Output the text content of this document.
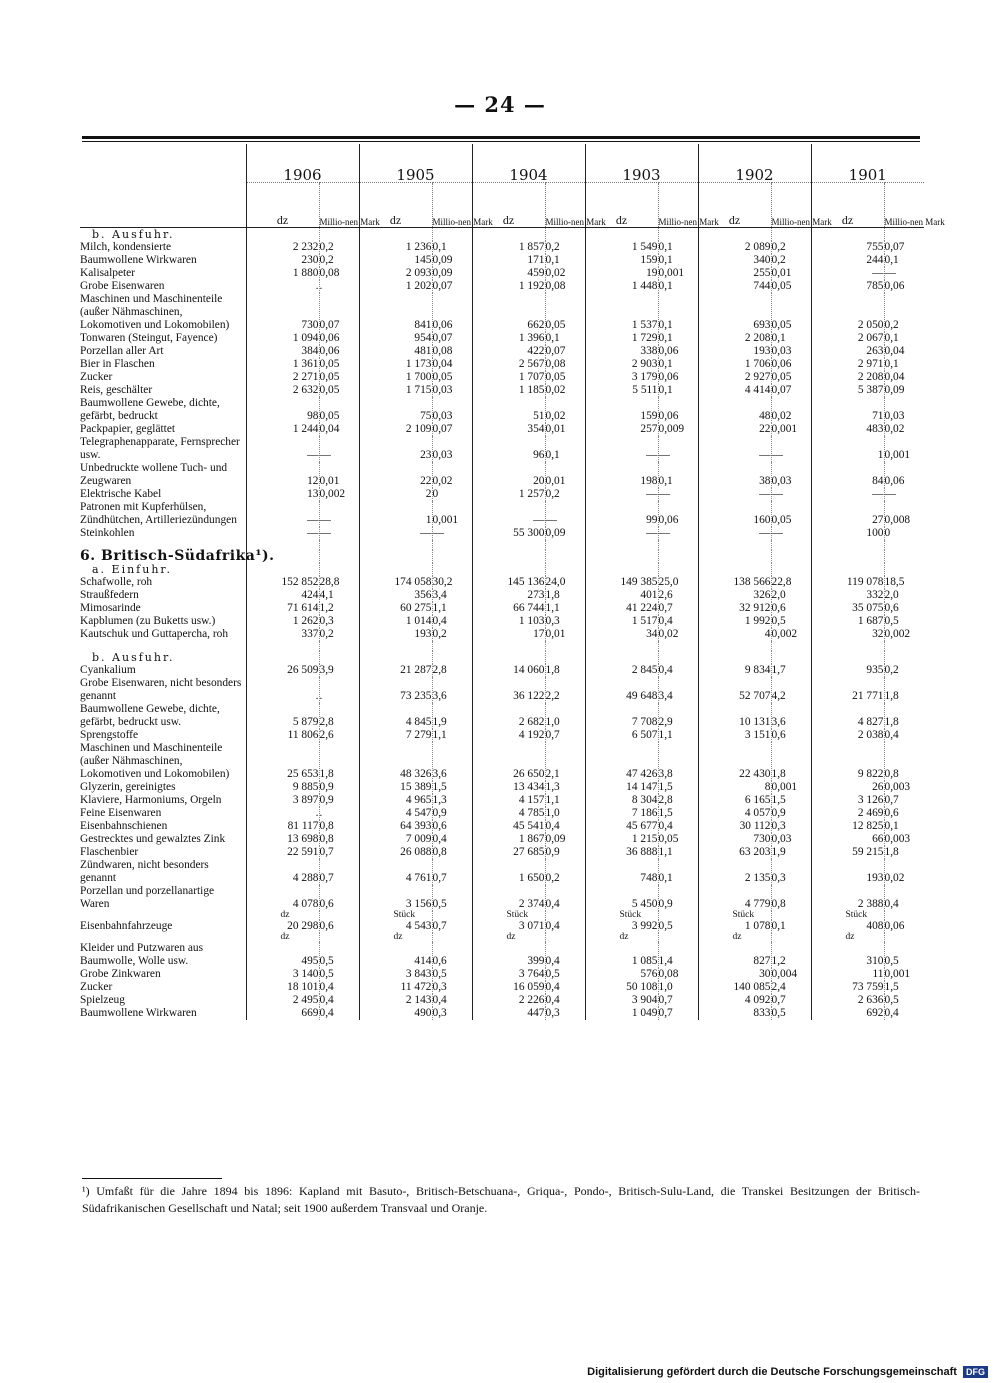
— 24 —
	1906		1905		1904		1903		1902		1901	
	dz	Millio-nen Mark	dz	Millio-nen Mark	dz	Millio-nen Mark	dz	Millio-nen Mark	dz	Millio-nen Mark	dz	Millio-nen Mark
b. Ausfuhr.												
Milch, kondensierte	2 232	0,2	1 236	0,1	1 857	0,2	1 549	0,1	2 089	0,2	755	0,07
Baumwollene Wirkwaren	230	0,2	145	0,09	171	0,1	159	0,1	340	0,2	244	0,1
Kalisalpeter	1 880	0,08	2 093	0,09	459	0,02	19	0,001	255	0,01	—	—
Grobe Eisenwaren	.	.	1 202	0,07	1 192	0,08	1 448	0,1	744	0,05	785	0,06
Maschinen und Maschinenteile (außer Nähmaschinen, Lokomotiven und Lokomobilen)	730	0,07	841	0,06	662	0,05	1 537	0,1	693	0,05	2 050	0,2
Tonwaren (Steingut, Fayence)	1 094	0,06	954	0,07	1 396	0,1	1 729	0,1	2 208	0,1	2 067	0,1
Porzellan aller Art	384	0,06	481	0,08	422	0,07	338	0,06	193	0,03	263	0,04
Bier in Flaschen	1 361	0,05	1 173	0,04	2 567	0,08	2 903	0,1	1 706	0,06	2 971	0,1
Zucker	2 271	0,05	1 700	0,05	1 707	0,05	3 179	0,06	2 927	0,05	2 208	0,04
Reis, geschälter	2 632	0,05	1 715	0,03	1 185	0,02	5 511	0,1	4 414	0,07	5 387	0,09
Baumwollene Gewebe, dichte, gefärbt, bedruckt	98	0,05	75	0,03	51	0,02	159	0,06	48	0,02	71	0,03
Packpapier, geglättet	1 244	0,04	2 109	0,07	354	0,01	257	0,009	22	0,001	483	0,02
Telegraphenapparate, Fernsprecher usw.	—	—	23	0,03	96	0,1	—	—	—	—	1	0,001
Unbedruckte wollene Tuch- und Zeugwaren	12	0,01	22	0,02	20	0,01	198	0,1	38	0,03	84	0,06
Elektrische Kabel	13	0,002	2	0	1 257	0,2	—	—	—	—	—	—
Patronen mit Kupferhülsen, Zündhütchen, Artilleriezündungen	—	—	1	0,001	—	—	99	0,06	160	0,05	27	0,008
Steinkohlen	—	—	—	—	55 300	0,09	—	—	—	—	100	0

6. Britisch-Südafrika¹).												
a. Einfuhr.												
Schafwolle, roh	152 852	28,8	174 058	30,2	145 136	24,0	149 385	25,0	138 566	22,8	119 078	18,5
Straußfedern	424	4,1	356	3,4	273	1,8	401	2,6	326	2,0	332	2,0
Mimosarinde	71 614	1,2	60 275	1,1	66 744	1,1	41 224	0,7	32 912	0,6	35 075	0,6
Kapblumen (zu Buketts usw.)	1 262	0,3	1 014	0,4	1 103	0,3	1 517	0,4	1 992	0,5	1 687	0,5
Kautschuk und Guttapercha, roh	337	0,2	193	0,2	17	0,01	34	0,02	4	0,002	32	0,002

b. Ausfuhr.												
Cyankalium	26 509	3,9	21 287	2,8	14 060	1,8	2 845	0,4	9 834	1,7	935	0,2
Grobe Eisenwaren, nicht besonders genannt	.	.	73 235	3,6	36 122	2,2	49 648	3,4	52 707	4,2	21 771	1,8
Baumwollene Gewebe, dichte, gefärbt, bedruckt usw.	5 879	2,8	4 845	1,9	2 682	1,0	7 708	2,9	10 131	3,6	4 827	1,8
Sprengstoffe	11 806	2,6	7 279	1,1	4 192	0,7	6 507	1,1	3 151	0,6	2 038	0,4
Maschinen und Maschinenteile (außer Nähmaschinen, Lokomotiven und Lokomobilen)	25 653	1,8	48 326	3,6	26 650	2,1	47 426	3,8	22 430	1,8	9 822	0,8
Glyzerin, gereinigtes	9 885	0,9	15 389	1,5	13 434	1,3	14 147	1,5	8	0,001	26	0,003
Klaviere, Harmoniums, Orgeln	3 897	0,9	4 965	1,3	4 157	1,1	8 304	2,8	6 165	1,5	3 126	0,7
Feine Eisenwaren	.	.	4 547	0,9	4 785	1,0	7 186	1,5	4 057	0,9	2 469	0,6
Eisenbahnschienen	81 117	0,8	64 393	0,6	45 541	0,4	45 677	0,4	30 112	0,3	12 825	0,1
Gestrecktes und gewalztes Zink	13 698	0,8	7 009	0,4	1 867	0,09	1 215	0,05	730	0,03	66	0,003
Flaschenbier	22 591	0,7	26 088	0,8	27 685	0,9	36 888	1,1	63 203	1,9	59 215	1,8
Zündwaren, nicht besonders genannt	4 288	0,7	4 761	0,7	1 650	0,2	748	0,1	2 135	0,3	193	0,02
Porzellan und porzellanartige Waren	4 078	0,6	3 156	0,5	2 374	0,4	5 450	0,9	4 779	0,8	2 388	0,4
	dz		Stück		Stück		Stück		Stück		Stück	
Eisenbahnfahrzeuge	20 298	0,6	4 543	0,7	3 071	0,4	3 992	0,5	1 078	0,1	408	0,06
	dz		dz		dz		dz		dz		dz	
Kleider und Putzwaren aus Baumwolle, Wolle usw.	495	0,5	414	0,6	399	0,4	1 085	1,4	827	1,2	310	0,5
Grobe Zinkwaren	3 140	0,5	3 843	0,5	3 764	0,5	576	0,08	30	0,004	11	0,001
Zucker	18 101	0,4	11 472	0,3	16 059	0,4	50 108	1,0	140 085	2,4	73 759	1,5
Spielzeug	2 495	0,4	2 143	0,4	2 226	0,4	3 904	0,7	4 092	0,7	2 636	0,5
Baumwollene Wirkwaren	669	0,4	490	0,3	447	0,3	1 049	0,7	833	0,5	692	0,4
¹) Umfaßt für die Jahre 1894 bis 1896: Kapland mit Basuto-, Britisch-Betschuana-, Griqua-, Pondo-, Britisch-Sulu-Land, die Transkei Besitzungen der Britisch-Südafrikanischen Gesellschaft und Natal; seit 1900 außerdem Transvaal und Oranje.
Digitalisierung gefördert durch die Deutsche Forschungsgemeinschaft DFG
